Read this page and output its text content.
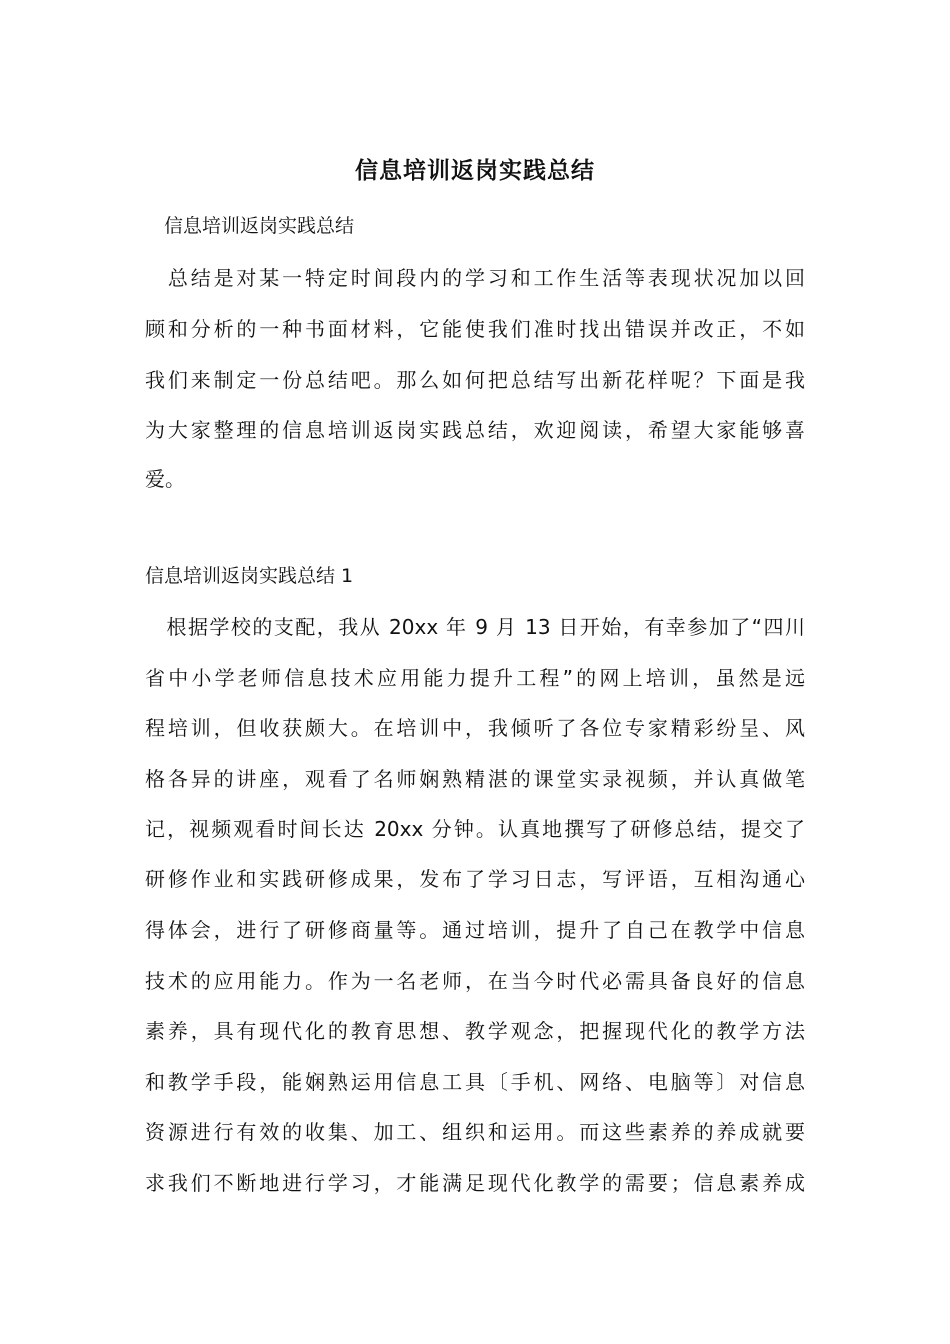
信息培训返岗实践总结
信息培训返岗实践总结
　总结是对某一特定时间段内的学习和工作生活等表现状况加以回
顾和分析的一种书面材料，它能使我们准时找出错误并改正，不如
我们来制定一份总结吧。那么如何把总结写出新花样呢？下面是我
为大家整理的信息培训返岗实践总结，欢迎阅读，希望大家能够喜
爱。
信息培训返岗实践总结 1
　根据学校的支配，我从 20xx 年 9 月 13 日开始，有幸参加了“四川
省中小学老师信息技术应用能力提升工程”的网上培训，虽然是远
程培训，但收获颇大。在培训中，我倾听了各位专家精彩纷呈、风
格各异的讲座，观看了名师娴熟精湛的课堂实录视频，并认真做笔
记，视频观看时间长达 20xx 分钟。认真地撰写了研修总结，提交了
研修作业和实践研修成果，发布了学习日志，写评语，互相沟通心
得体会，进行了研修商量等。通过培训，提升了自己在教学中信息
技术的应用能力。作为一名老师，在当今时代必需具备良好的信息
素养，具有现代化的教育思想、教学观念，把握现代化的教学方法
和教学手段，能娴熟运用信息工具〔手机、网络、电脑等〕对信息
资源进行有效的收集、加工、组织和运用。而这些素养的养成就要
求我们不断地进行学习，才能满足现代化教学的需要；信息素养成
